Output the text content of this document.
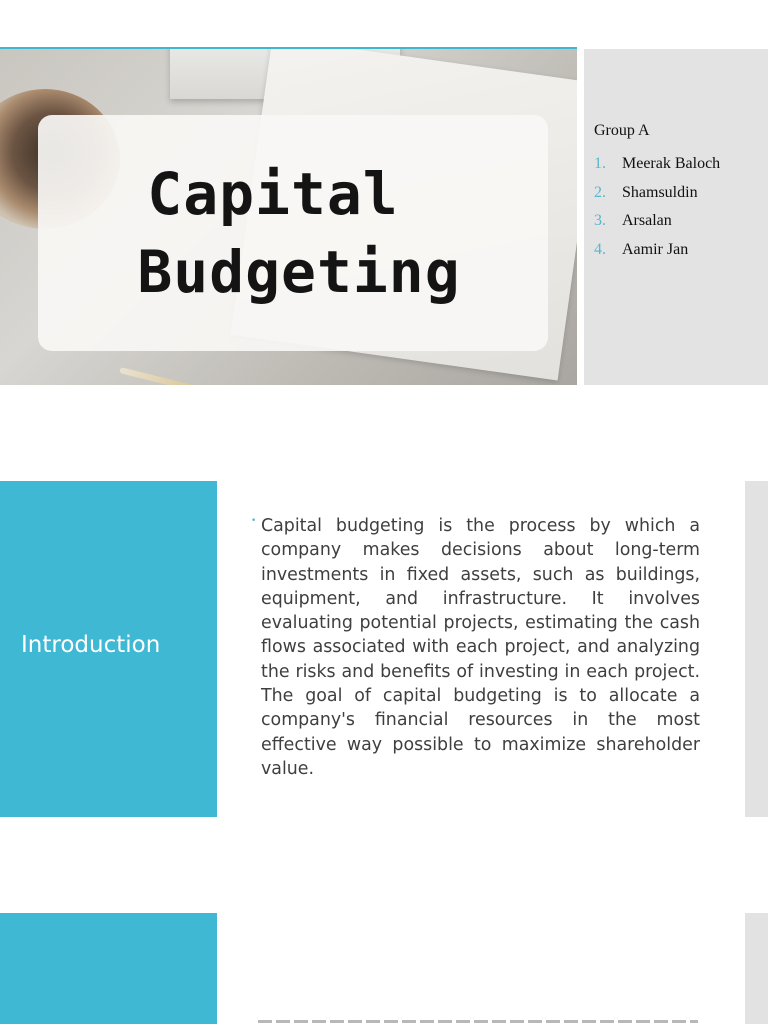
Capital
Budgeting
Group A
1. Meerak Baloch
2. Shamsuldin
3. Arsalan
4. Aamir Jan
Introduction
• Capital budgeting is the process by which a company makes decisions about long-term investments in fixed assets, such as buildings, equipment, and infrastructure. It involves evaluating potential projects, estimating the cash flows associated with each project, and analyzing the risks and benefits of investing in each project. The goal of capital budgeting is to allocate a company's financial resources in the most effective way possible to maximize shareholder value.
